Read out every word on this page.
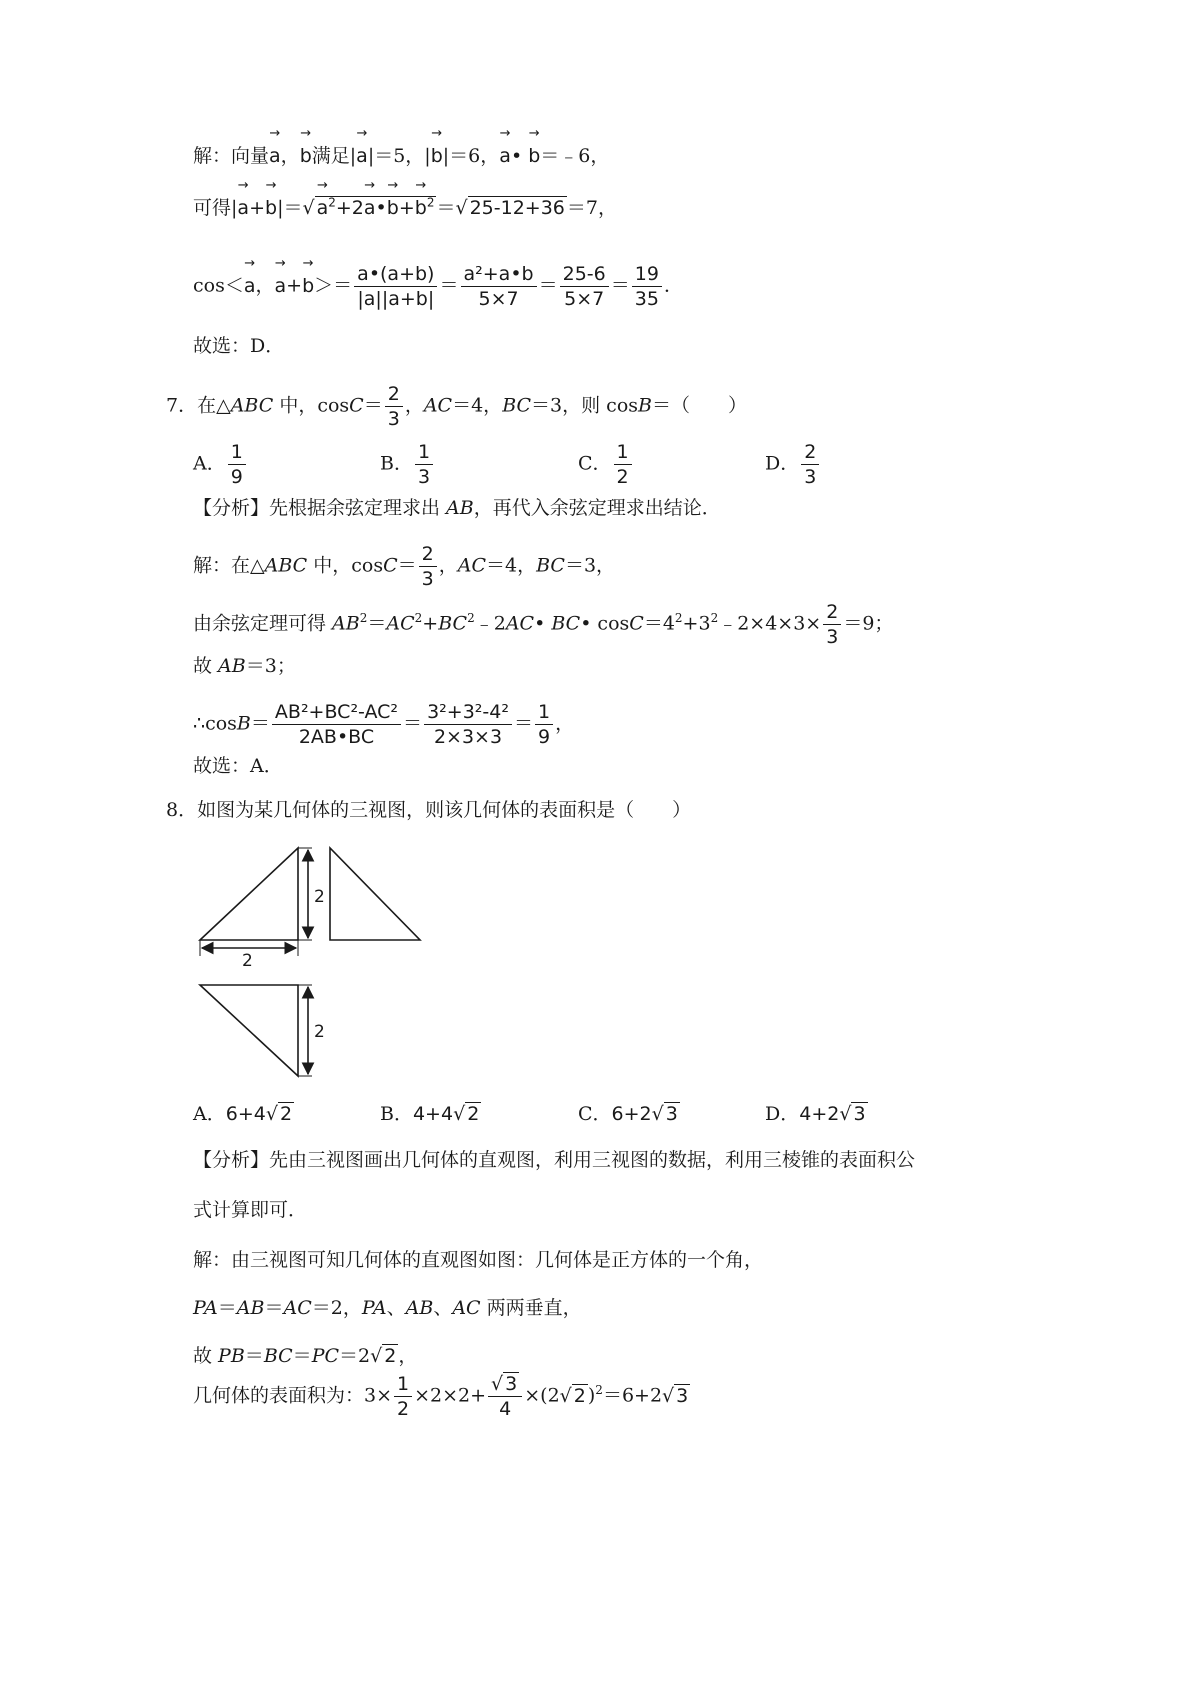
解：向量→ a，→ b满足|→ a|＝5，|→ b|＝6，→ a• → b＝﹣6，
可得|→ $a+\to b|=√\to a^2+2\to$ a•→ $b+\to b^2$ ＝√ 25-12+36 ＝7，
cos＜→ a，→ $a+\to b>= \frac{a•(a+b)}{|a||a+b|} = \frac{\text{a²+a•b}}{5\times 7} = \frac{25-6}{5\times 7} = \frac{19}{35}$ ．
故选：D．
7．在△ABC 中，$\cos C= \frac{2}{3}$ ，AC＝4，BC＝3，则 cosB＝（　　）
A． $\frac{1}{9}$	B． $\frac{1}{3}$	C． $\frac{1}{2}$	D． $\frac{2}{3}$
【分析】先根据余弦定理求出 AB，再代入余弦定理求出结论．
解：在△ABC 中，$\cos C= \frac{2}{3}$ ，AC＝4，BC＝3，
由余弦定理可得 $AB^2=AC^2+BC^2﹣2AC•$ BC• $\cos C=4^2+3^2﹣2\times 4\times 3\times \frac{2}{3} =9$；
故 AB＝3；
∴cosB＝ $\frac{\text{AB²+BC²-AC²}}{2AB•BC} = \frac{\text{3²+3²-4²}}{2\times 3\times 3} = \frac{1}{9}$ ，
故选：A．
8．如图为某几何体的三视图，则该几何体的表面积是（　　）
2
2
2
A．6+4√ 2	B．4+4√ 2	C．6+2√ 3	D．4+2√ 3
【分析】先由三视图画出几何体的直观图，利用三视图的数据，利用三棱锥的表面积公
式计算即可．
解：由三视图可知几何体的直观图如图：几何体是正方体的一个角，
PA＝AB＝AC＝2，PA、AB、AC 两两垂直，
故 PB＝BC＝PC＝2√ 2 ，
几何体的表面积为：$3\times \frac{1}{2} \times 2\times 2+ \frac{√ 3}{4} \times(2√$ 2 )$^2$＝6+2√ 3
